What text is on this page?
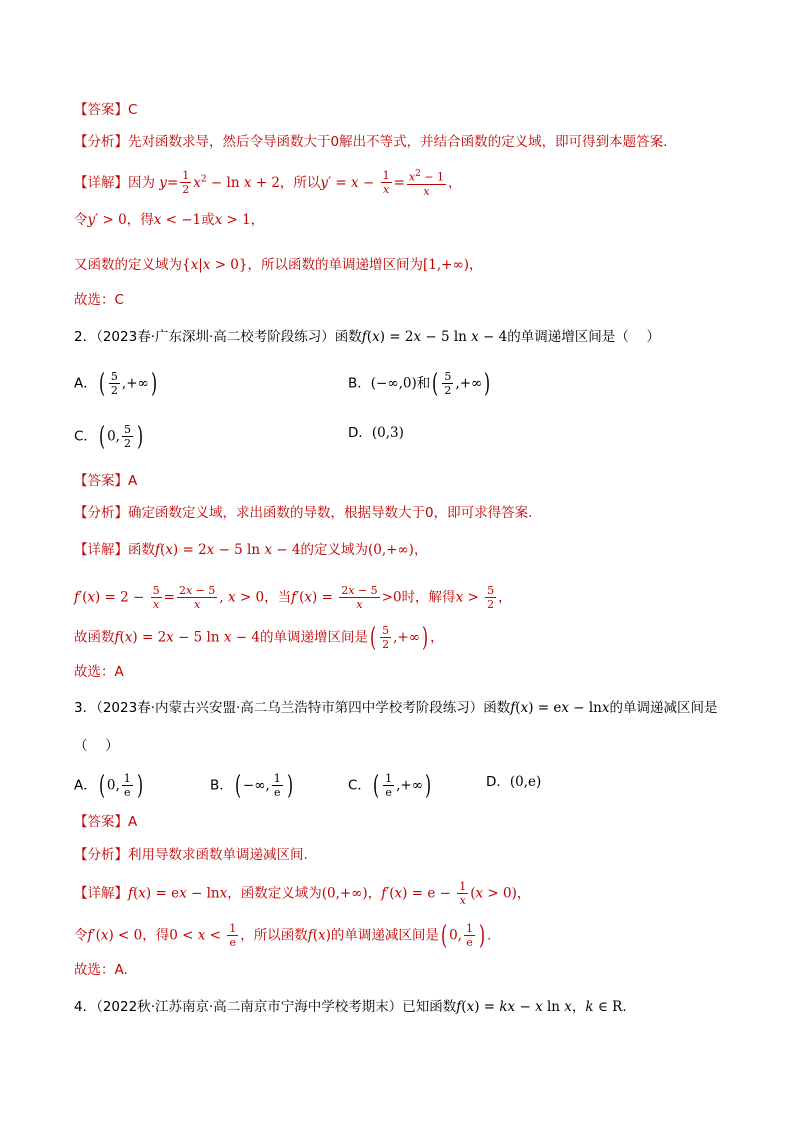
【答案】C
【分析】先对函数求导，然后令导函数大于0解出不等式，并结合函数的定义域，即可得到本题答案.
【详解】因为 $y= \frac{1}{2} x^2 - \ln x + 2$，所以$y' = x - \frac{1}{x} = \frac{x^2 - 1}{x}$ ，
令y′ > 0，得x < −1或x > 1，
又函数的定义域为{x|x > 0}，所以函数的单调递增区间为[1,+∞)，
故选：C
2．（2023春·广东深圳·高二校考阶段练习）函数f(x) = 2x − 5 ln x − 4的单调递增区间是（　 ）
A．( $\frac{5}{2}$ ,+∞)	B．(−∞,0)和( $\frac{5}{2}$ ,+∞)
C．( 0, $\frac{5}{2}$ )	D．(0,3)
【答案】A
【分析】确定函数定义域，求出函数的导数，根据导数大于0，即可求得答案.
【详解】函数f(x) = 2x − 5 ln x − 4的定义域为(0,+∞)，
$f'(x) = 2 - \frac{5}{x} = \frac{2x - 5}{x}$ , x > 0，当$f'(x) = \frac{2x - 5}{x} >0$时，解得$x > \frac{5}{2}$ ，
故函数f(x) = 2x − 5 ln x − 4的单调递增区间是( $\frac{5}{2}$ ,+∞) ，
故选：A
3．（2023春·内蒙古兴安盟·高二乌兰浩特市第四中学校考阶段练习）函数f(x) = ex − lnx的单调递减区间是
（　 ）
A．( 0, $\frac{1}{e}$ )	B．( −∞, $\frac{1}{e}$ )	C．( $\frac{1}{e}$ ,+∞)	D．(0,e)
【答案】A
【分析】利用导数求函数单调递减区间.
【详解】f(x) = ex − lnx，函数定义域为(0,+∞)，$f'(x) = e - \frac{1}{x} (x > 0)$，
令f′(x) < 0，得$0 < x < \frac{1}{e}$ ，所以函数f(x)的单调递减区间是( 0, $\frac{1}{e}$ ) .
故选：A.
4．（2022秋·江苏南京·高二南京市宁海中学校考期末）已知函数f(x) = kx − x ln x，k ∈ R.
